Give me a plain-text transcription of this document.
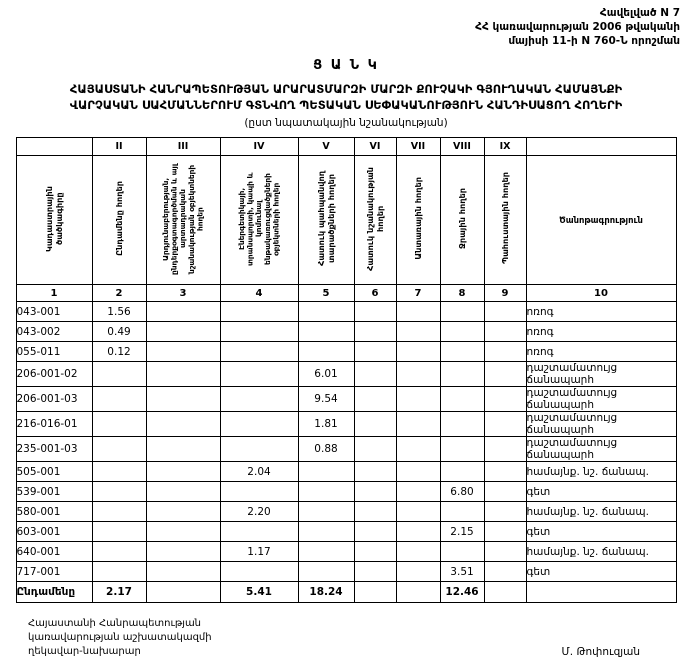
Հավելված N 7
ՀՀ կառավարության 2006 թվականի
մայիսի 11-ի N 760-Ն որոշման
Ց Ա Ն Կ
ՀԱՅԱՍՏԱՆԻ ՀԱՆՐԱՊԵՏՈՒԹՅԱՆ ԱՐԱՐԱՏՄԱՐԶԻ ՄԱՐԶԻ ՔՈՒՉԱԿԻ ԳՅՈՒՂԱԿԱՆ ՀԱՄԱՅՆՔԻ
ՎԱՐՉԱԿԱՆ ՍԱՀՄԱՆՆԵՐՈՒՄ ԳՏՆՎՈՂ ՊԵՏԱԿԱՆ ՍԵՓԱԿԱՆՈՒԹՅՈՒՆ ՀԱՆԴԻՍԱՑՈՂ ՀՈՂԵՐԻ
(ըստ նպատակային նշանակության)
	II	III	IV	V	VI	VII	VIII	IX	
Կադաստրային ծածկագիրը	Ընդամենը հողեր	Արդյունաբերության, ընդերքօգտագործման և այլ արտադրական նշանակության օբյեկտների հողեր	Էներգետիկայի, տրանսպորտի, կապի և կոմունալ ենթակառուցվածքների օբյեկտների հողեր	Հատուկ պահպանվող տարածքների հողեր	Հատուկ նշանակության հողեր	Անտառային հողեր	Ջրային հողեր	Պահուստային հողեր	Ծանոթագրություն
1	2	3	4	5	6	7	8	9	10
043-001	1.56								ոռոգ
043-002	0.49								ոռոգ
055-011	0.12								ոռոգ
206-001-02				6.01					դաշտամատույց ճանապարհ
206-001-03				9.54					դաշտամատույց ճանապարհ
216-016-01				1.81					դաշտամատույց ճանապարհ
235-001-03				0.88					դաշտամատույց ճանապարհ
505-001			2.04						համայնք. նշ. ճանապ.
539-001							6.80		գետ
580-001			2.20						համայնք. նշ. ճանապ.
603-001							2.15		գետ
640-001			1.17						համայնք. նշ. ճանապ.
717-001							3.51		գետ
Ընդամենը	2.17		5.41	18.24			12.46		
Հայաստանի Հանրապետության
կառավարության աշխատակազմի
ղեկավար-նախարար	Մ. Թոփուզյան
